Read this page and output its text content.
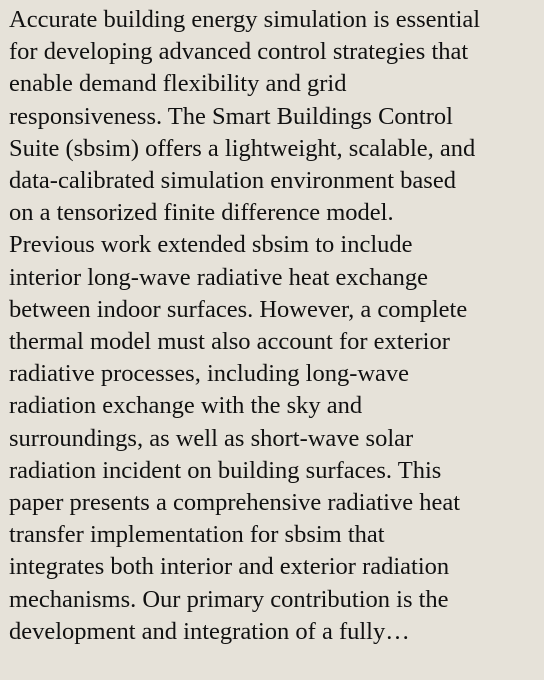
Accurate building energy simulation is essential
for developing advanced control strategies that
enable demand flexibility and grid
responsiveness. The Smart Buildings Control
Suite (sbsim) offers a lightweight, scalable, and
data-calibrated simulation environment based
on a tensorized finite difference model.
Previous work extended sbsim to include
interior long-wave radiative heat exchange
between indoor surfaces. However, a complete
thermal model must also account for exterior
radiative processes, including long-wave
radiation exchange with the sky and
surroundings, as well as short-wave solar
radiation incident on building surfaces. This
paper presents a comprehensive radiative heat
transfer implementation for sbsim that
integrates both interior and exterior radiation
mechanisms. Our primary contribution is the
development and integration of a fully…
